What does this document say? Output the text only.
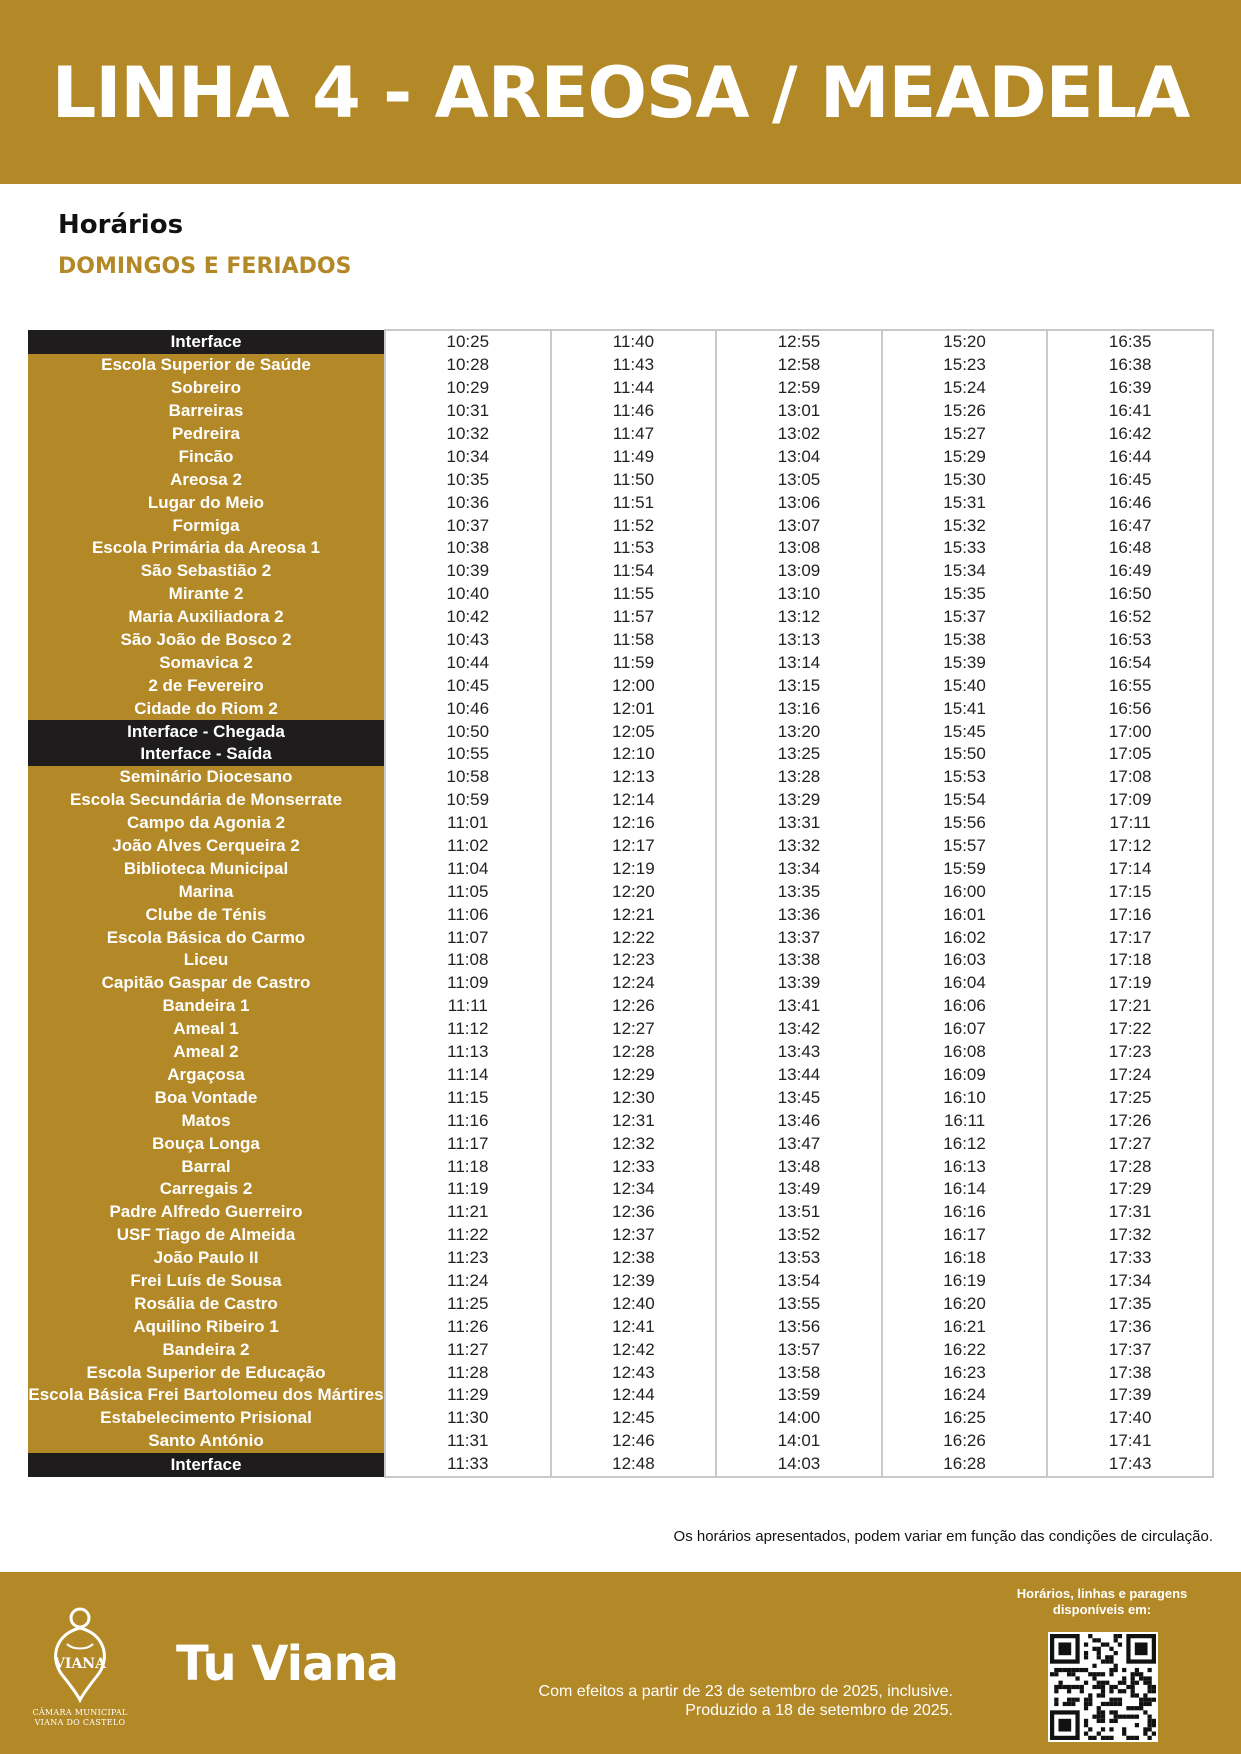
LINHA 4 - AREOSA / MEADELA
Horários
DOMINGOS E FERIADOS
Interface	10:25	11:40	12:55	15:20	16:35
Escola Superior de Saúde	10:28	11:43	12:58	15:23	16:38
Sobreiro	10:29	11:44	12:59	15:24	16:39
Barreiras	10:31	11:46	13:01	15:26	16:41
Pedreira	10:32	11:47	13:02	15:27	16:42
Fincão	10:34	11:49	13:04	15:29	16:44
Areosa 2	10:35	11:50	13:05	15:30	16:45
Lugar do Meio	10:36	11:51	13:06	15:31	16:46
Formiga	10:37	11:52	13:07	15:32	16:47
Escola Primária da Areosa 1	10:38	11:53	13:08	15:33	16:48
São Sebastião 2	10:39	11:54	13:09	15:34	16:49
Mirante 2	10:40	11:55	13:10	15:35	16:50
Maria Auxiliadora 2	10:42	11:57	13:12	15:37	16:52
São João de Bosco 2	10:43	11:58	13:13	15:38	16:53
Somavica 2	10:44	11:59	13:14	15:39	16:54
2 de Fevereiro	10:45	12:00	13:15	15:40	16:55
Cidade do Riom 2	10:46	12:01	13:16	15:41	16:56
Interface - Chegada	10:50	12:05	13:20	15:45	17:00
Interface - Saída	10:55	12:10	13:25	15:50	17:05
Seminário Diocesano	10:58	12:13	13:28	15:53	17:08
Escola Secundária de Monserrate	10:59	12:14	13:29	15:54	17:09
Campo da Agonia 2	11:01	12:16	13:31	15:56	17:11
João Alves Cerqueira 2	11:02	12:17	13:32	15:57	17:12
Biblioteca Municipal	11:04	12:19	13:34	15:59	17:14
Marina	11:05	12:20	13:35	16:00	17:15
Clube de Ténis	11:06	12:21	13:36	16:01	17:16
Escola Básica do Carmo	11:07	12:22	13:37	16:02	17:17
Liceu	11:08	12:23	13:38	16:03	17:18
Capitão Gaspar de Castro	11:09	12:24	13:39	16:04	17:19
Bandeira 1	11:11	12:26	13:41	16:06	17:21
Ameal 1	11:12	12:27	13:42	16:07	17:22
Ameal 2	11:13	12:28	13:43	16:08	17:23
Argaçosa	11:14	12:29	13:44	16:09	17:24
Boa Vontade	11:15	12:30	13:45	16:10	17:25
Matos	11:16	12:31	13:46	16:11	17:26
Bouça Longa	11:17	12:32	13:47	16:12	17:27
Barral	11:18	12:33	13:48	16:13	17:28
Carregais 2	11:19	12:34	13:49	16:14	17:29
Padre Alfredo Guerreiro	11:21	12:36	13:51	16:16	17:31
USF Tiago de Almeida	11:22	12:37	13:52	16:17	17:32
João Paulo II	11:23	12:38	13:53	16:18	17:33
Frei Luís de Sousa	11:24	12:39	13:54	16:19	17:34
Rosália de Castro	11:25	12:40	13:55	16:20	17:35
Aquilino Ribeiro 1	11:26	12:41	13:56	16:21	17:36
Bandeira 2	11:27	12:42	13:57	16:22	17:37
Escola Superior de Educação	11:28	12:43	13:58	16:23	17:38
Escola Básica Frei Bartolomeu dos Mártires	11:29	12:44	13:59	16:24	17:39
Estabelecimento Prisional	11:30	12:45	14:00	16:25	17:40
Santo António	11:31	12:46	14:01	16:26	17:41
Interface	11:33	12:48	14:03	16:28	17:43
Os horários apresentados, podem variar em função das condições de circulação.
VIANA
CÂMARA MUNICIPAL
VIANA DO CASTELO
Tu Viana	Com efeitos a partir de 23 de setembro de 2025, inclusive.
Produzido a 18 de setembro de 2025.
Horários, linhas e paragens
disponíveis em:
